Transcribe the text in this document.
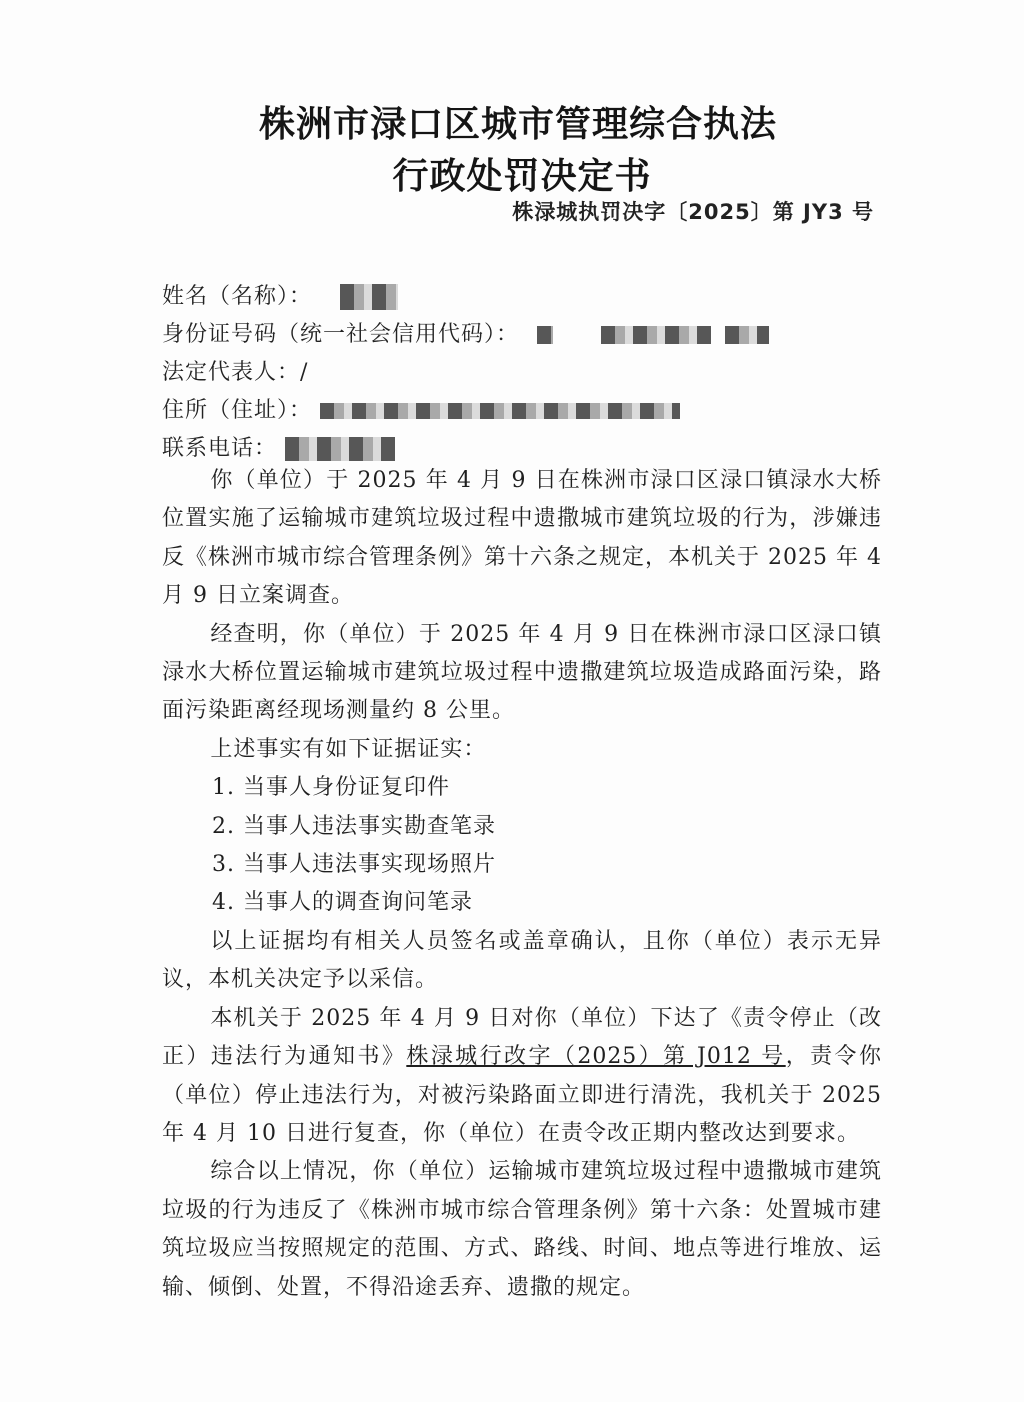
株洲市渌口区城市管理综合执法
行政处罚决定书
株渌城执罚决字〔2025〕第 JY3 号
姓名（名称）：
身份证号码（统一社会信用代码）：
法定代表人：/
住所（住址）：
联系电话：

你（单位）于 2025 年 4 月 9 日在株洲市渌口区渌口镇渌水大桥位置实施了运输城市建筑垃圾过程中遗撒城市建筑垃圾的行为，涉嫌违反《株洲市城市综合管理条例》第十六条之规定，本机关于 2025 年 4 月 9 日立案调查。

经查明，你（单位）于 2025 年 4 月 9 日在株洲市渌口区渌口镇渌水大桥位置运输城市建筑垃圾过程中遗撒建筑垃圾造成路面污染，路面污染距离经现场测量约 8 公里。

上述事实有如下证据证实：

1. 当事人身份证复印件

2. 当事人违法事实勘查笔录

3. 当事人违法事实现场照片

4. 当事人的调查询问笔录

以上证据均有相关人员签名或盖章确认，且你（单位）表示无异议，本机关决定予以采信。

本机关于 2025 年 4 月 9 日对你（单位）下达了《责令停止（改正）违法行为通知书》株渌城行改字（2025）第 J012 号，责令你（单位）停止违法行为，对被污染路面立即进行清洗，我机关于 2025 年 4 月 10 日进行复查，你（单位）在责令改正期内整改达到要求。

综合以上情况，你（单位）运输城市建筑垃圾过程中遗撒城市建筑垃圾的行为违反了《株洲市城市综合管理条例》第十六条：处置城市建筑垃圾应当按照规定的范围、方式、路线、时间、地点等进行堆放、运输、倾倒、处置，不得沿途丢弃、遗撒的规定。
